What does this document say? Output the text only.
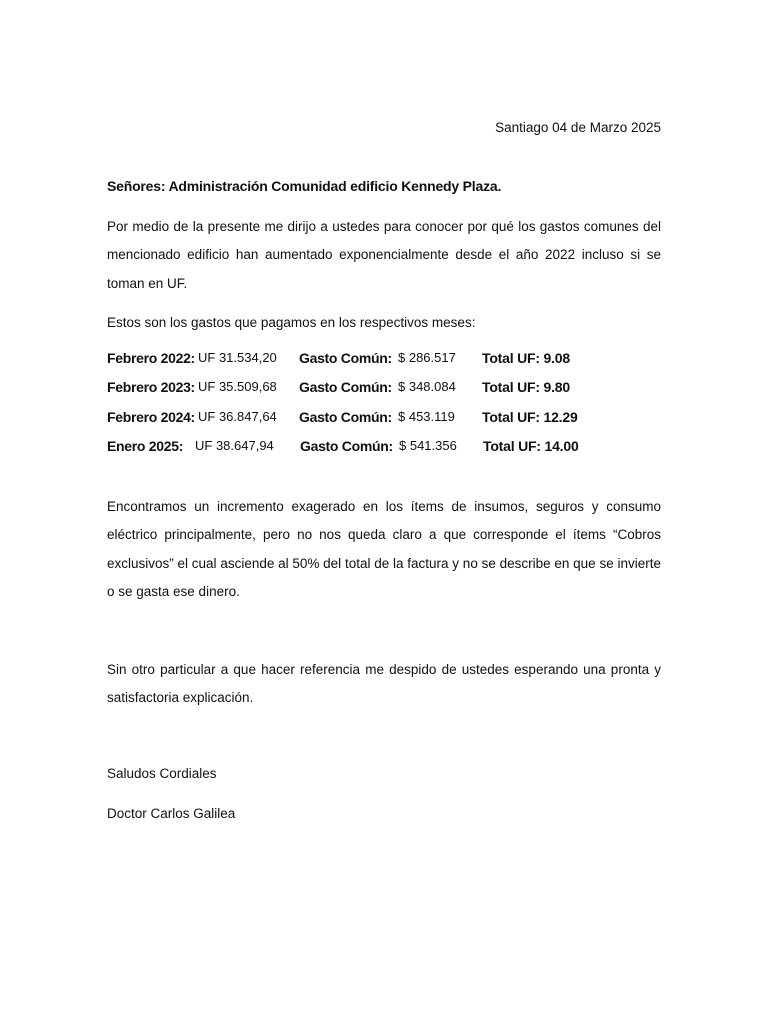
Santiago 04 de Marzo 2025
Señores: Administración Comunidad edificio Kennedy Plaza.

Por medio de la presente me dirijo a ustedes para conocer por qué los gastos comunes del mencionado edificio han aumentado exponencialmente desde el año 2022 incluso si se toman en UF.

Estos son los gastos que pagamos en los respectivos meses:

Febrero 2022: UF 31.534,20 Gasto Común: $ 286.517 Total UF: 9.08
Febrero 2023: UF 35.509,68 Gasto Común: $ 348.084 Total UF: 9.80
Febrero 2024: UF 36.847,64 Gasto Común: $ 453.119 Total UF: 12.29
Enero 2025: UF 38.647,94 Gasto Común: $ 541.356 Total UF: 14.00

Encontramos un incremento exagerado en los ítems de insumos, seguros y consumo eléctrico principalmente, pero no nos queda claro a que corresponde el ítems “Cobros exclusivos” el cual asciende al 50% del total de la factura y no se describe en que se invierte o se gasta ese dinero.

Sin otro particular a que hacer referencia me despido de ustedes esperando una pronta y satisfactoria explicación.

Saludos Cordiales
Doctor Carlos Galilea
